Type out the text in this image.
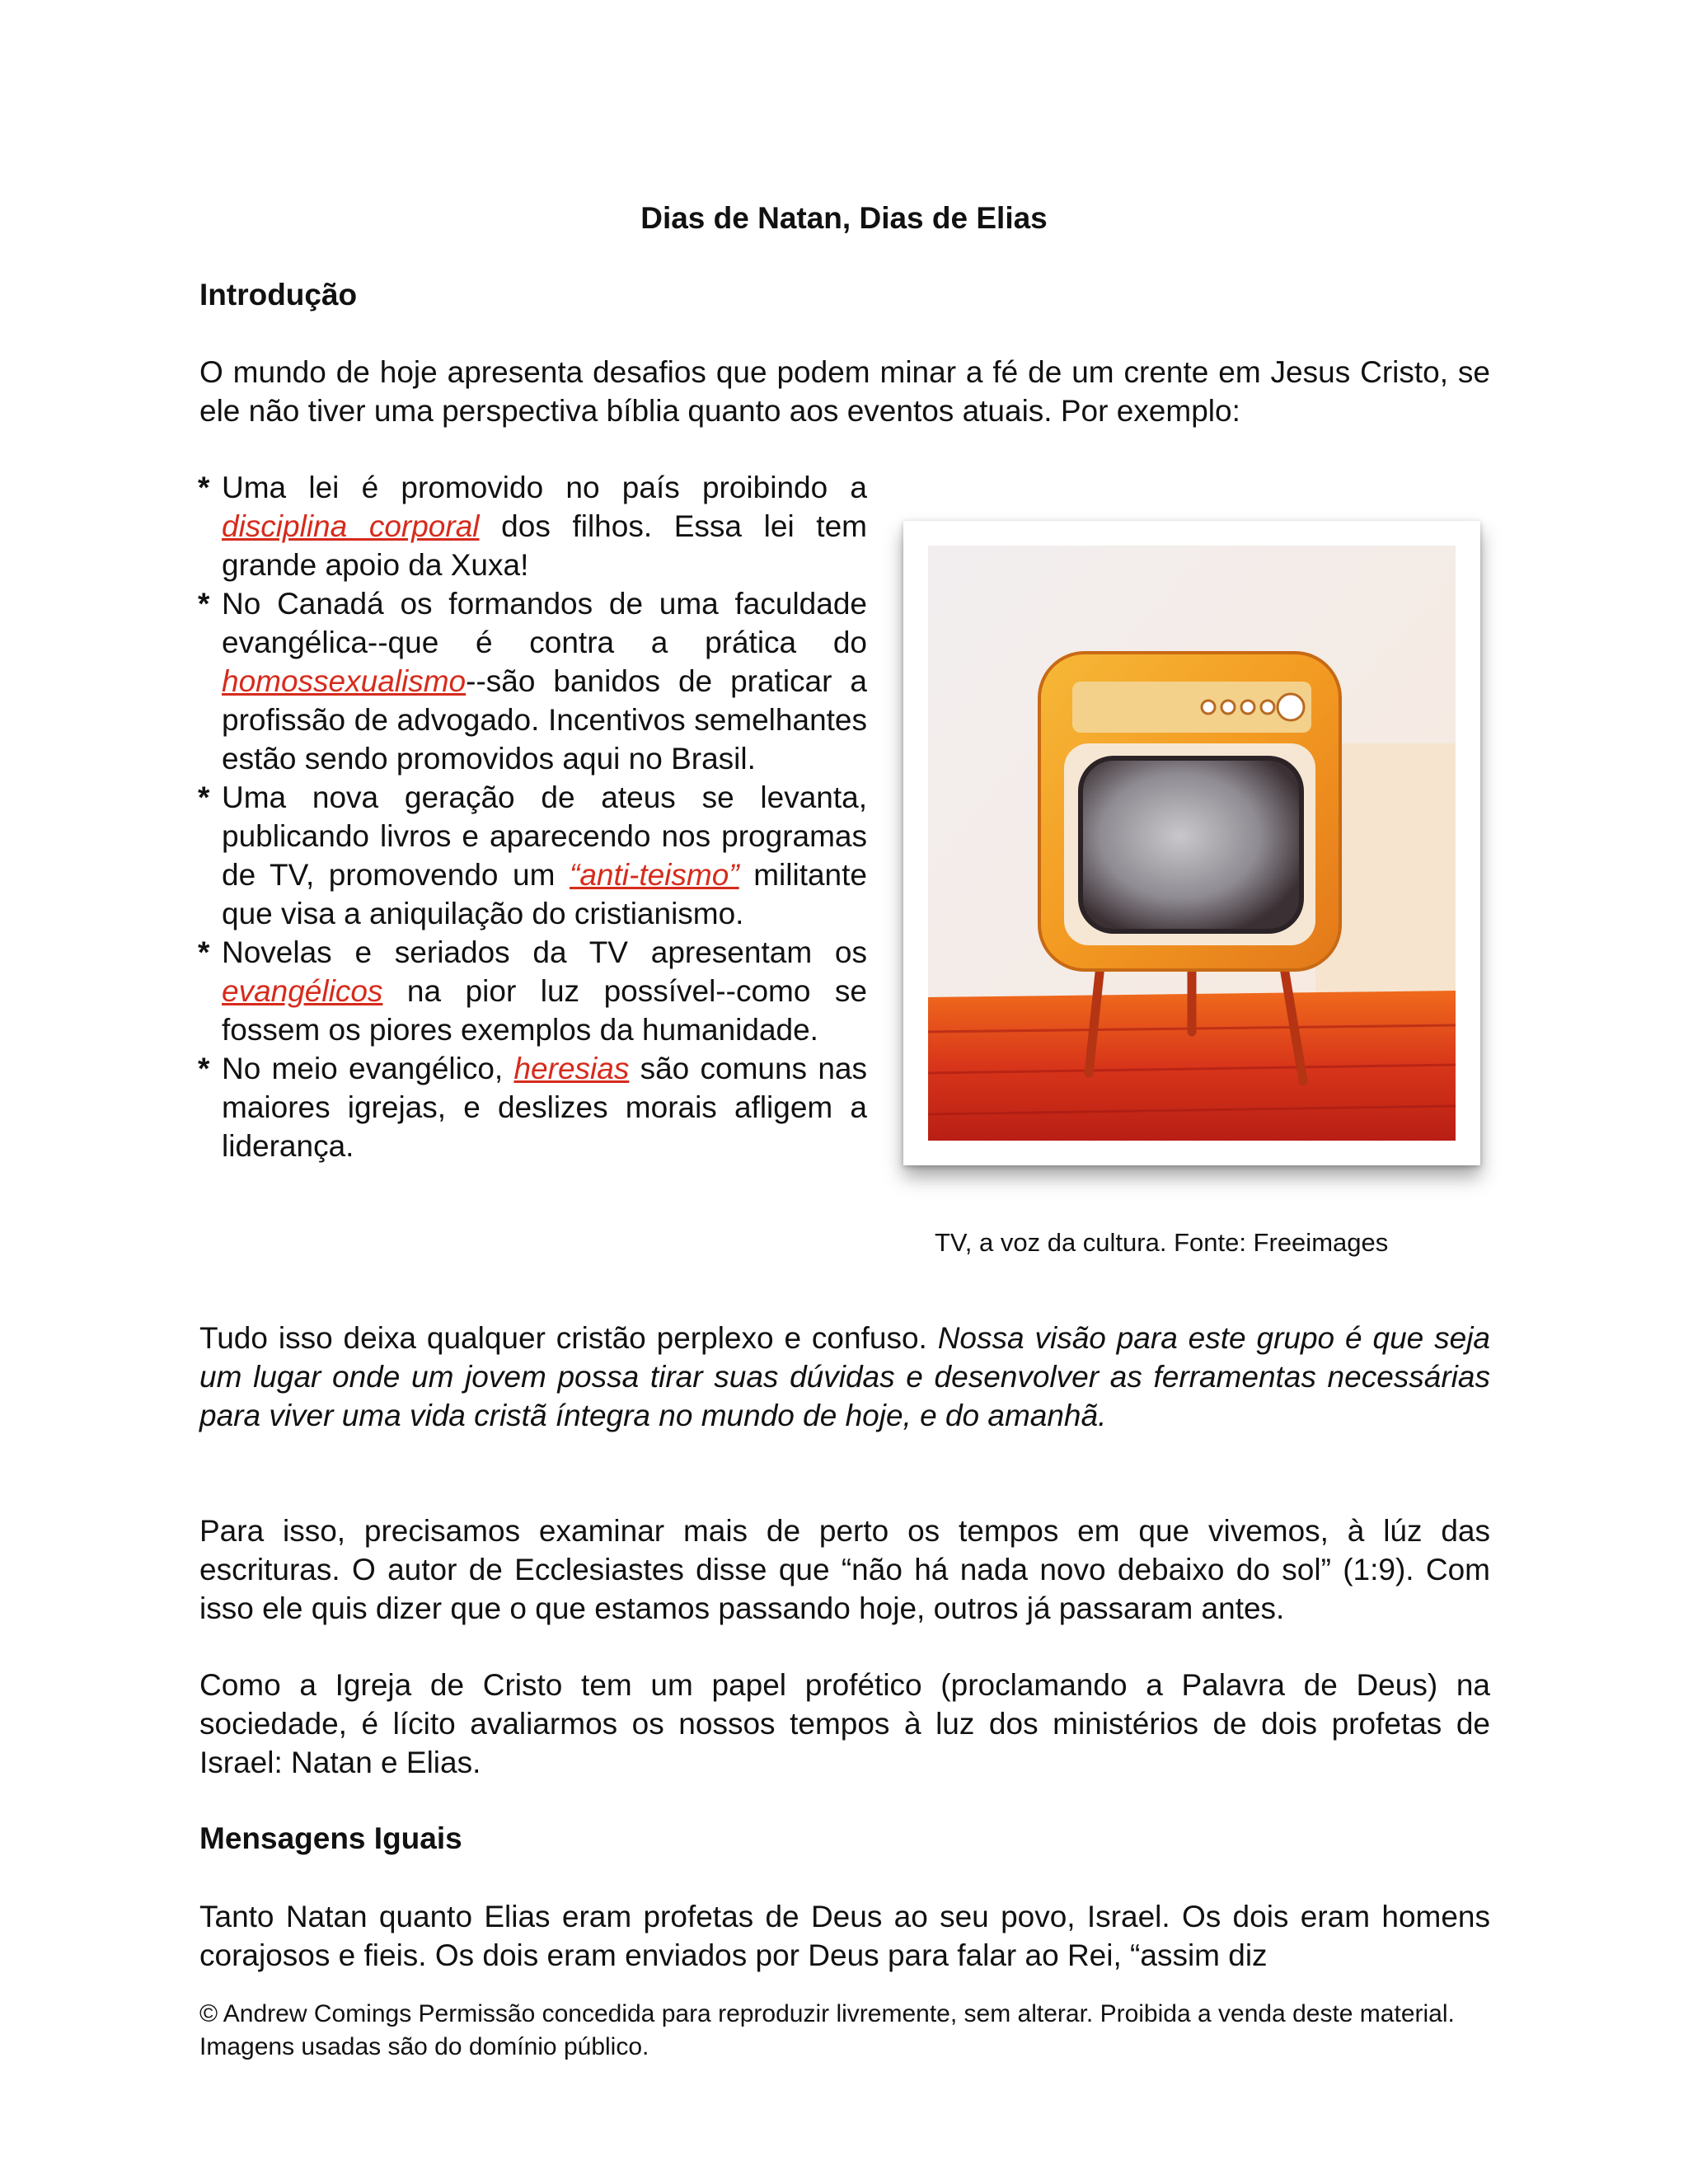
Dias de Natan, Dias de Elias
Introdução

O mundo de hoje apresenta desafios que podem minar a fé de um crente em Jesus Cristo, se ele não tiver uma perspectiva bíblia quanto aos eventos atuais. Por exemplo:

* Uma lei é promovido no país proibindo a disciplina corporal dos filhos. Essa lei tem grande apoio da Xuxa!
* No Canadá os formandos de uma faculdade evangélica--que é contra a prática do homossexualismo--são banidos de praticar a profissão de advogado. Incentivos semelhantes estão sendo promovidos aqui no Brasil.
* Uma nova geração de ateus se levanta, publicando livros e aparecendo nos programas de TV, promovendo um “anti-teismo” militante que visa a aniquilação do cristianismo.
* Novelas e seriados da TV apresentam os evangélicos na pior luz possível--como se fossem os piores exemplos da humanidade.
* No meio evangélico, heresias são comuns nas maiores igrejas, e deslizes morais afligem a liderança.

TV, a voz da cultura. Fonte: Freeimages

Tudo isso deixa qualquer cristão perplexo e confuso. Nossa visão para este grupo é que seja um lugar onde um jovem possa tirar suas dúvidas e desenvolver as ferramentas necessárias para viver uma vida cristã íntegra no mundo de hoje, e do amanhã.

Para isso, precisamos examinar mais de perto os tempos em que vivemos, à lúz das escrituras. O autor de Ecclesiastes disse que “não há nada novo debaixo do sol” (1:9). Com isso ele quis dizer que o que estamos passando hoje, outros já passaram antes.

Como a Igreja de Cristo tem um papel profético (proclamando a Palavra de Deus) na sociedade, é lícito avaliarmos os nossos tempos à luz dos ministérios de dois profetas de Israel: Natan e Elias.

Mensagens Iguais

Tanto Natan quanto Elias eram profetas de Deus ao seu povo, Israel. Os dois eram homens corajosos e fieis. Os dois eram enviados por Deus para falar ao Rei, “assim diz

© Andrew Comings Permissão concedida para reproduzir livremente, sem alterar. Proibida a venda deste material. Imagens usadas são do domínio público.
